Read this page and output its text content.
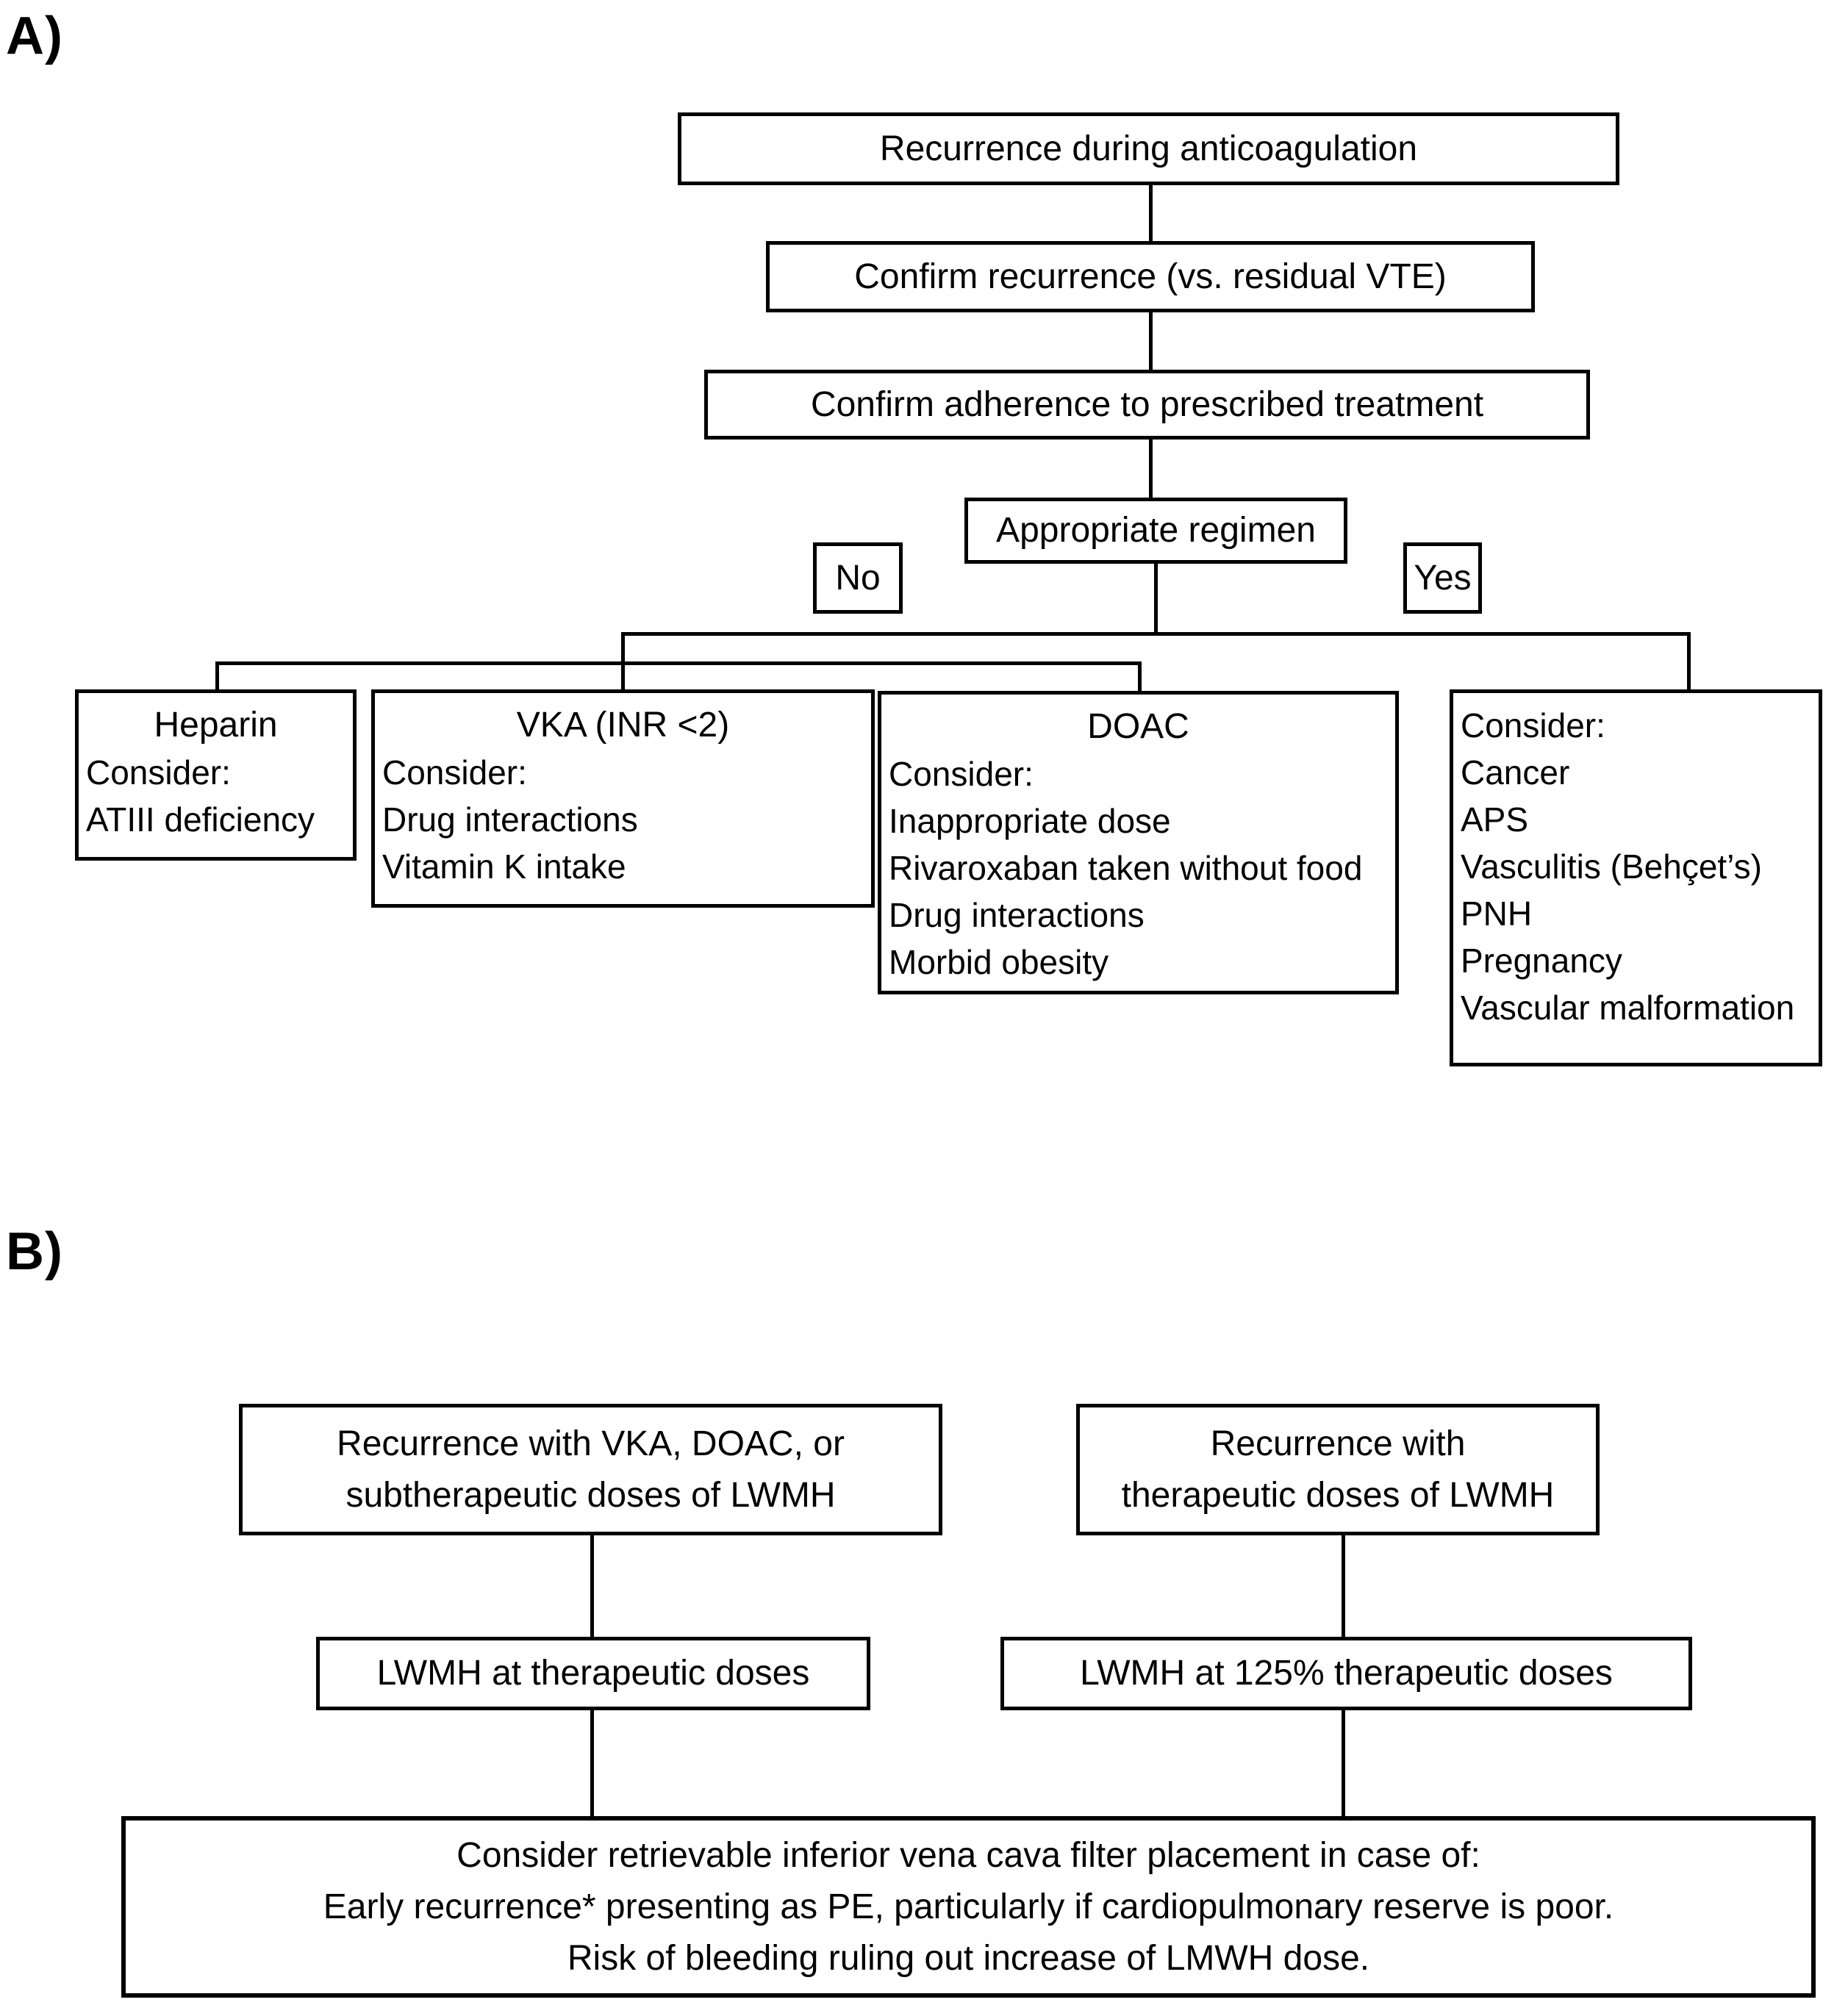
A)
Recurrence during anticoagulation
Confirm recurrence (vs. residual VTE)
Confirm adherence to prescribed treatment
Appropriate regimen
No	Yes
Heparin
Consider:
ATIII deficiency
VKA (INR <2)
Consider:
Drug interactions
Vitamin K intake
DOAC
Consider:
Inappropriate dose
Rivaroxaban taken without food
Drug interactions
Morbid obesity
Consider:
Cancer
APS
Vasculitis (Behçet’s)
PNH
Pregnancy
Vascular malformation
B)
Recurrence with VKA, DOAC, or
subtherapeutic doses of LWMH
Recurrence with
therapeutic doses of LWMH
LWMH at therapeutic doses	LWMH at 125% therapeutic doses
Consider retrievable inferior vena cava filter placement in case of:
Early recurrence* presenting as PE, particularly if cardiopulmonary reserve is poor.
Risk of bleeding ruling out increase of LMWH dose.
